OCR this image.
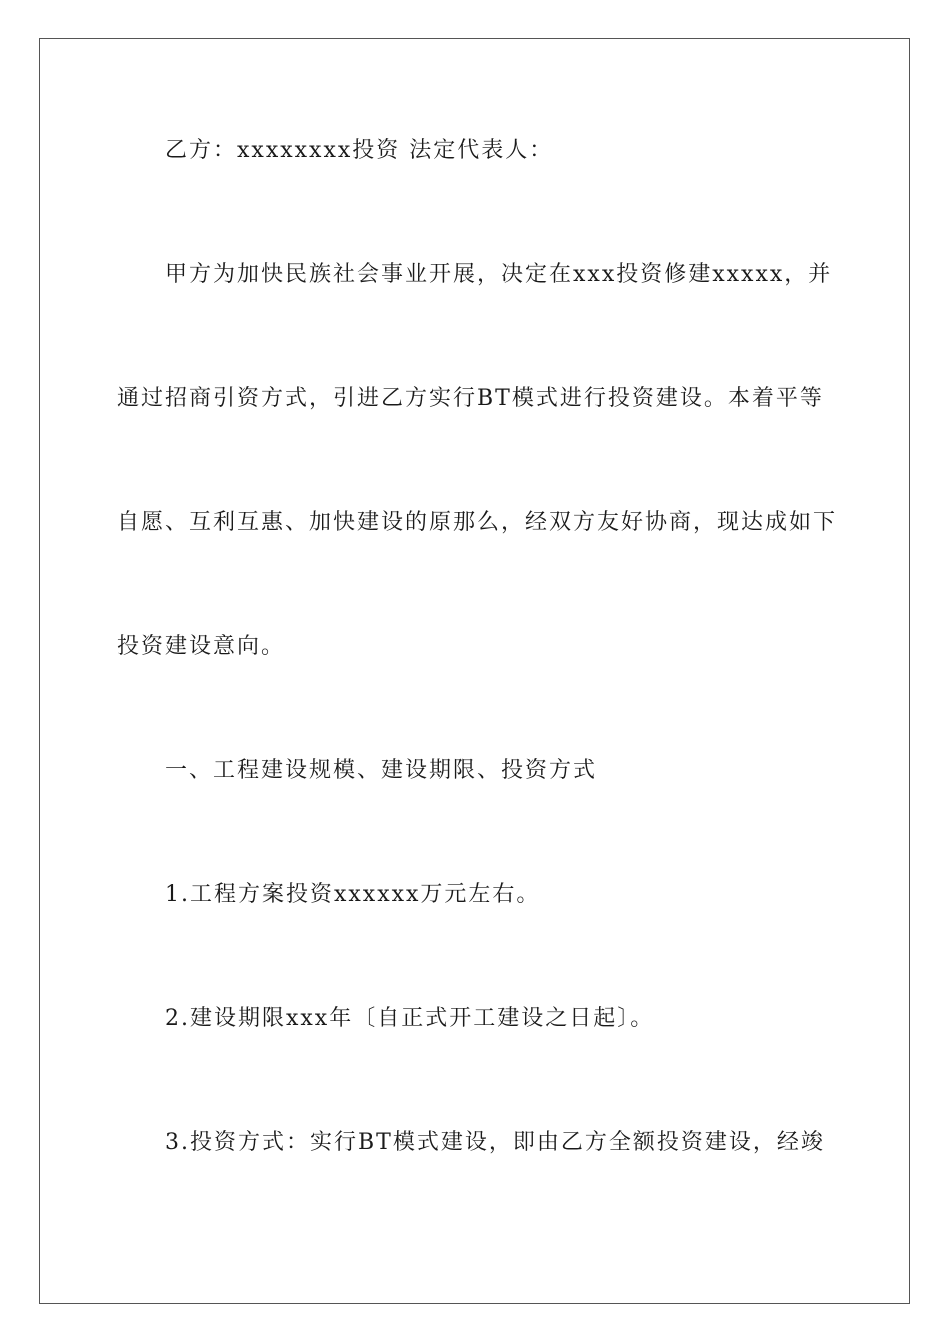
乙方：xxxxxxxx投资 法定代表人：
甲方为加快民族社会事业开展，决定在xxx投资修建xxxxx，并
通过招商引资方式，引进乙方实行BT模式进行投资建设。本着平等
自愿、互利互惠、加快建设的原那么，经双方友好协商，现达成如下
投资建设意向。
一、工程建设规模、建设期限、投资方式
1.工程方案投资xxxxxx万元左右。
2.建设期限xxx年〔自正式开工建设之日起〕。
3.投资方式：实行BT模式建设，即由乙方全额投资建设，经竣
